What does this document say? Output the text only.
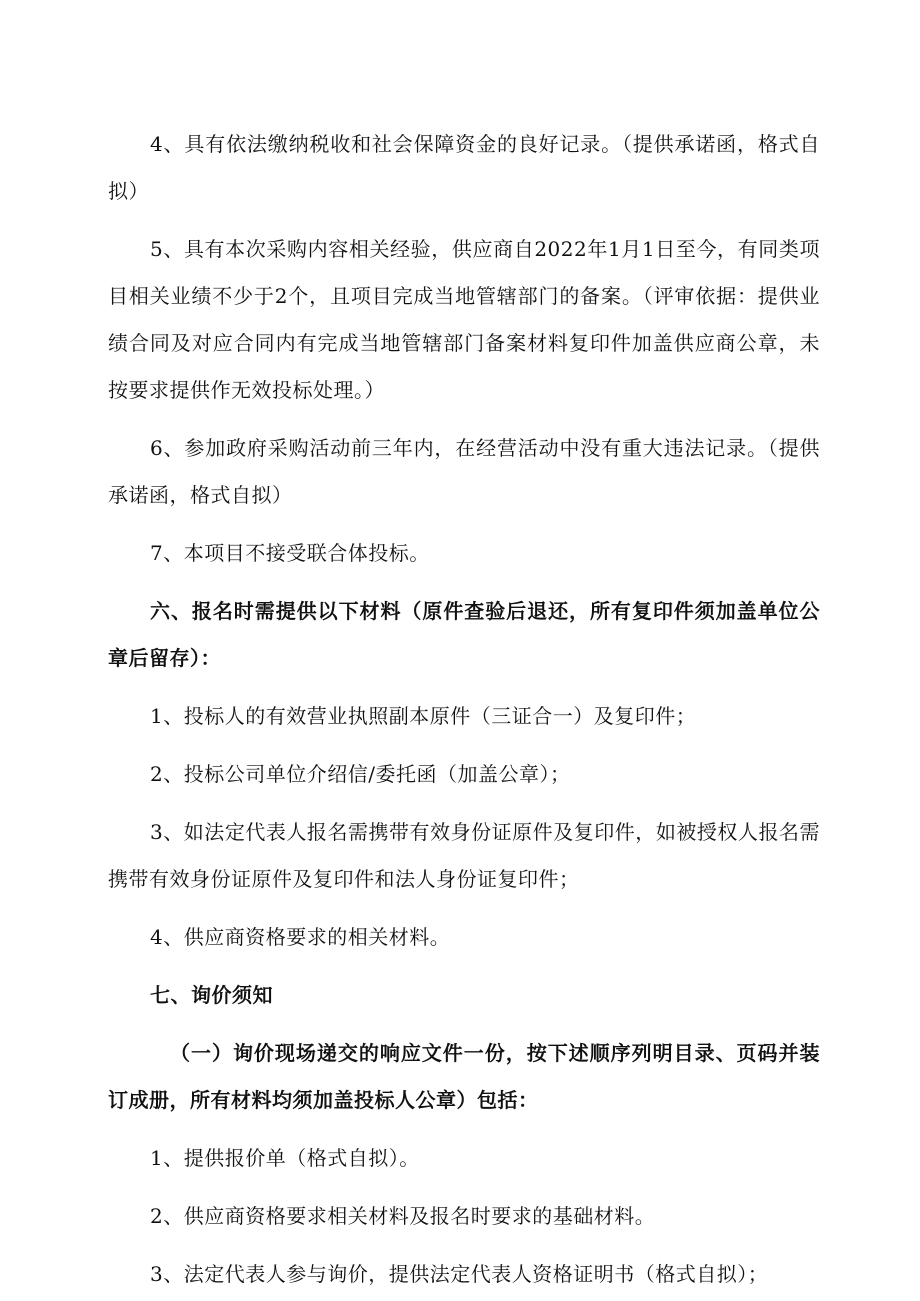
4、具有依法缴纳税收和社会保障资金的良好记录。（提供承诺函，格式自拟）

5、具有本次采购内容相关经验，供应商自2022年1月1日至今，有同类项目相关业绩不少于2个，且项目完成当地管辖部门的备案。（评审依据：提供业绩合同及对应合同内有完成当地管辖部门备案材料复印件加盖供应商公章，未按要求提供作无效投标处理。）

6、参加政府采购活动前三年内，在经营活动中没有重大违法记录。（提供承诺函，格式自拟）

7、本项目不接受联合体投标。

六、报名时需提供以下材料（原件查验后退还，所有复印件须加盖单位公章后留存）：

1、投标人的有效营业执照副本原件（三证合一）及复印件；

2、投标公司单位介绍信/委托函（加盖公章）；

3、如法定代表人报名需携带有效身份证原件及复印件，如被授权人报名需携带有效身份证原件及复印件和法人身份证复印件；

4、供应商资格要求的相关材料。

七、询价须知

（一）询价现场递交的响应文件一份，按下述顺序列明目录、页码并装订成册，所有材料均须加盖投标人公章）包括：

1、提供报价单（格式自拟）。

2、供应商资格要求相关材料及报名时要求的基础材料。

3、法定代表人参与询价，提供法定代表人资格证明书（格式自拟）；
